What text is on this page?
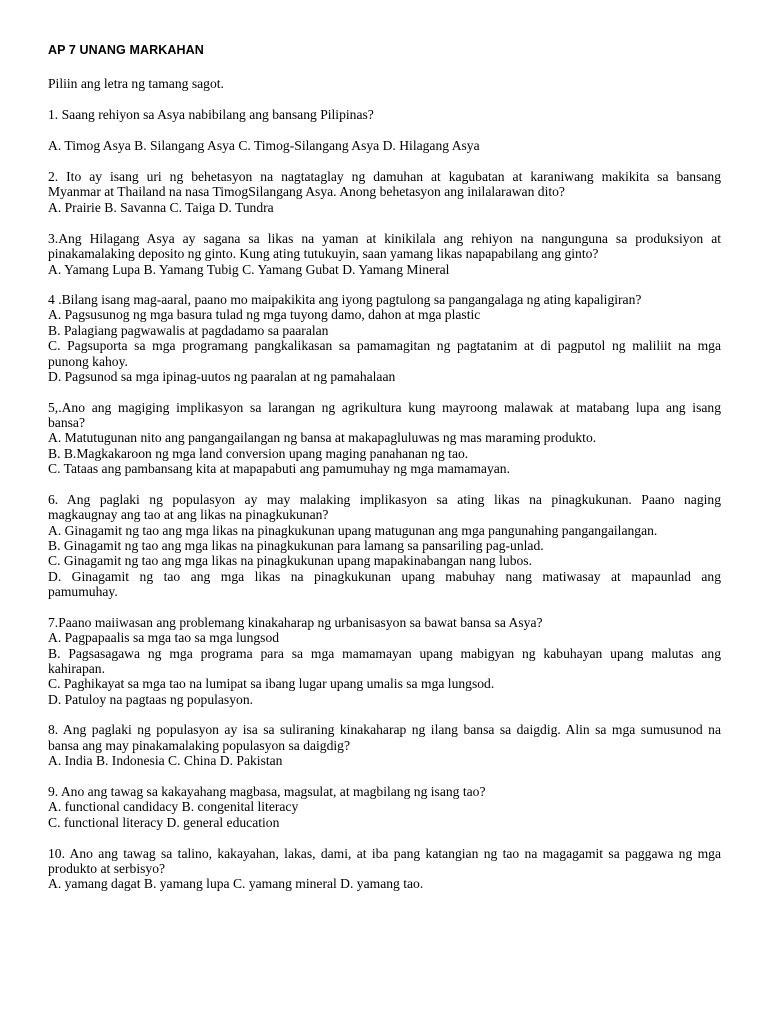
AP 7 UNANG MARKAHAN
Piliin ang letra ng tamang sagot.
1. Saang rehiyon sa Asya nabibilang ang bansang Pilipinas?
A. Timog Asya B. Silangang Asya C. Timog-Silangang Asya D. Hilagang Asya
2. Ito ay isang uri ng behetasyon na nagtataglay ng damuhan at kagubatan at karaniwang makikita sa bansang
Myanmar at Thailand na nasa TimogSilangang Asya. Anong behetasyon ang inilalarawan dito?
A. Prairie B. Savanna C. Taiga D. Tundra
3.Ang Hilagang Asya ay sagana sa likas na yaman at kinikilala ang rehiyon na nangunguna sa produksiyon at
pinakamalaking deposito ng ginto. Kung ating tutukuyin, saan yamang likas napapabilang ang ginto?
A. Yamang Lupa B. Yamang Tubig C. Yamang Gubat D. Yamang Mineral
4 .Bilang isang mag-aaral, paano mo maipakikita ang iyong pagtulong sa pangangalaga ng ating kapaligiran?
A. Pagsusunog ng mga basura tulad ng mga tuyong damo, dahon at mga plastic
B. Palagiang pagwawalis at pagdadamo sa paaralan
C. Pagsuporta sa mga programang pangkalikasan sa pamamagitan ng pagtatanim at di pagputol ng maliliit na mga
punong kahoy.
D. Pagsunod sa mga ipinag-uutos ng paaralan at ng pamahalaan
5,.Ano ang magiging implikasyon sa larangan ng agrikultura kung mayroong malawak at matabang lupa ang isang
bansa?
A. Matutugunan nito ang pangangailangan ng bansa at makapagluluwas ng mas maraming produkto.
B. B.Magkakaroon ng mga land conversion upang maging panahanan ng tao.
C. Tataas ang pambansang kita at mapapabuti ang pamumuhay ng mga mamamayan.
6. Ang paglaki ng populasyon ay may malaking implikasyon sa ating likas na pinagkukunan. Paano naging
magkaugnay ang tao at ang likas na pinagkukunan?
A. Ginagamit ng tao ang mga likas na pinagkukunan upang matugunan ang mga pangunahing pangangailangan.
B. Ginagamit ng tao ang mga likas na pinagkukunan para lamang sa pansariling pag-unlad.
C. Ginagamit ng tao ang mga likas na pinagkukunan upang mapakinabangan nang lubos.
D. Ginagamit ng tao ang mga likas na pinagkukunan upang mabuhay nang matiwasay at mapaunlad ang
pamumuhay.
7.Paano maiiwasan ang problemang kinakaharap ng urbanisasyon sa bawat bansa sa Asya?
A. Pagpapaalis sa mga tao sa mga lungsod
B. Pagsasagawa ng mga programa para sa mga mamamayan upang mabigyan ng kabuhayan upang malutas ang
kahirapan.
C. Paghikayat sa mga tao na lumipat sa ibang lugar upang umalis sa mga lungsod.
D. Patuloy na pagtaas ng populasyon.
8. Ang paglaki ng populasyon ay isa sa suliraning kinakaharap ng ilang bansa sa daigdig. Alin sa mga sumusunod na
bansa ang may pinakamalaking populasyon sa daigdig?
A. India B. Indonesia C. China D. Pakistan
9. Ano ang tawag sa kakayahang magbasa, magsulat, at magbilang ng isang tao?
A. functional candidacy B. congenital literacy
C. functional literacy D. general education
10. Ano ang tawag sa talino, kakayahan, lakas, dami, at iba pang katangian ng tao na magagamit sa paggawa ng mga
produkto at serbisyo?
A. yamang dagat B. yamang lupa C. yamang mineral D. yamang tao.
